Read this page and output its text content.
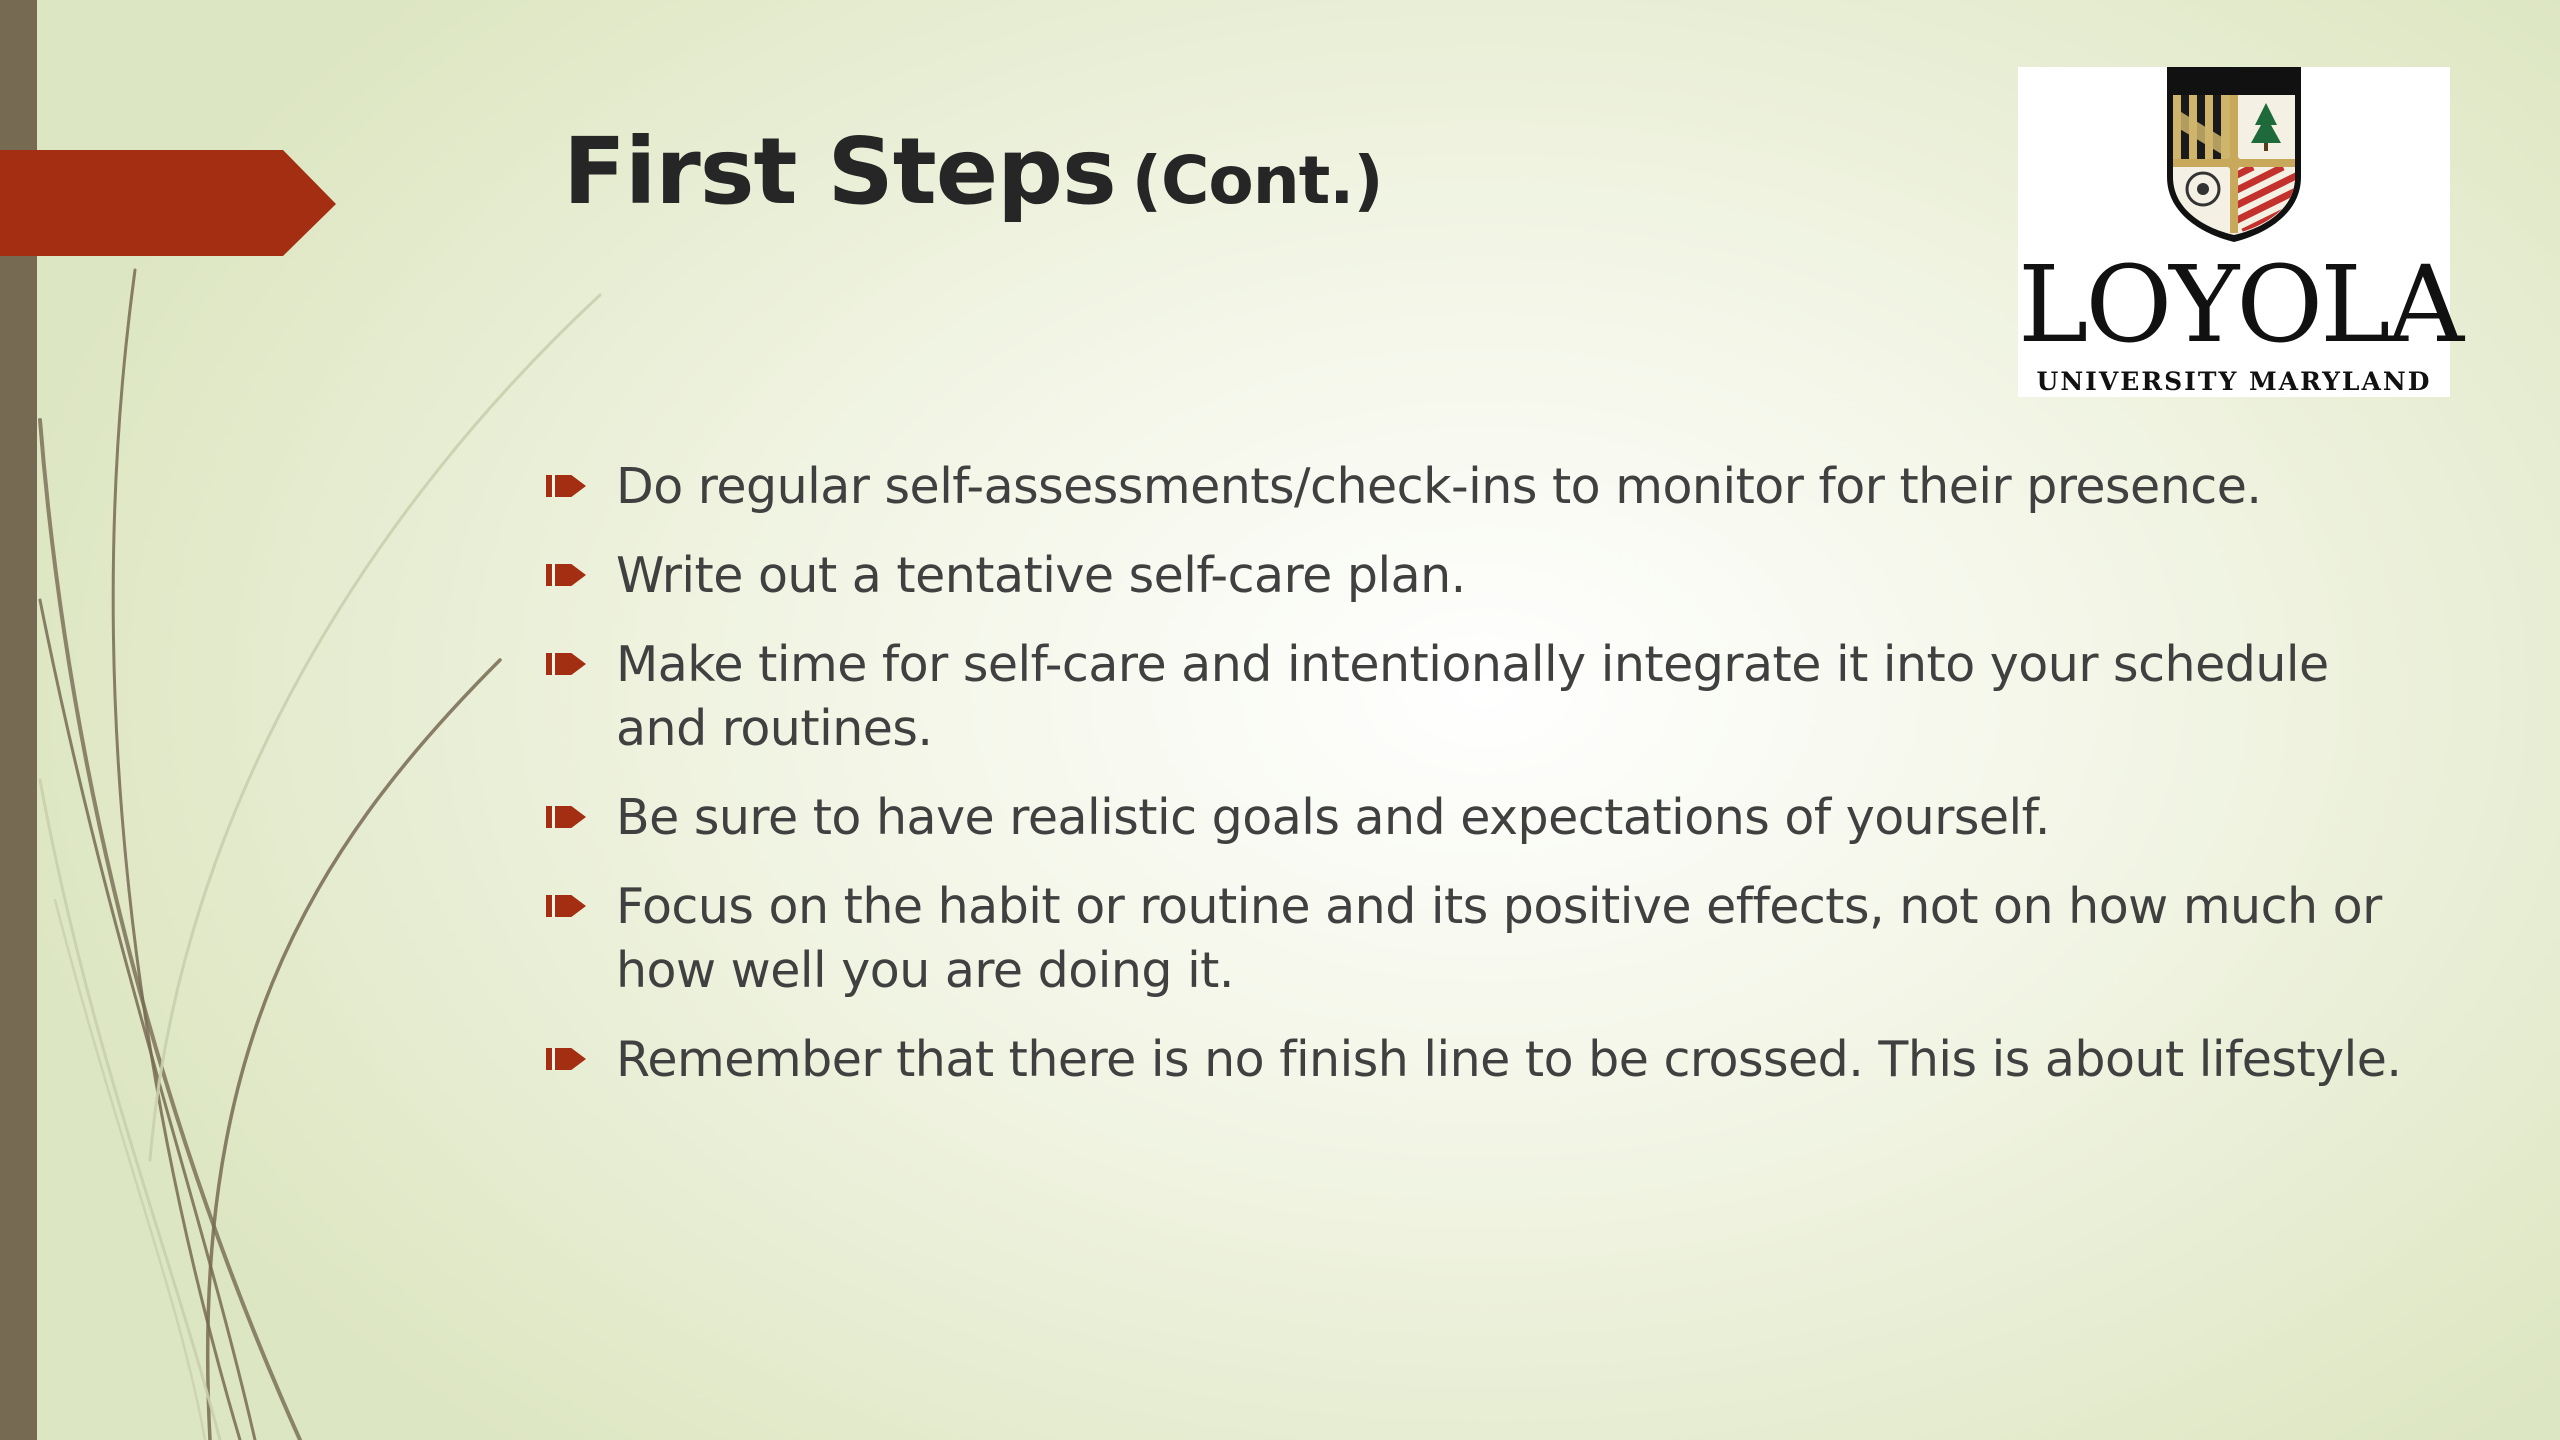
First Steps (Cont.)
LOYOLA
UNIVERSITY MARYLAND
Do regular self-assessments/check-ins to monitor for their presence.
Write out a tentative self-care plan.
Make time for self-care and intentionally integrate it into your schedule and routines.
Be sure to have realistic goals and expectations of yourself.
Focus on the habit or routine and its positive effects, not on how much or how well you are doing it.
Remember that there is no finish line to be crossed. This is about lifestyle.
